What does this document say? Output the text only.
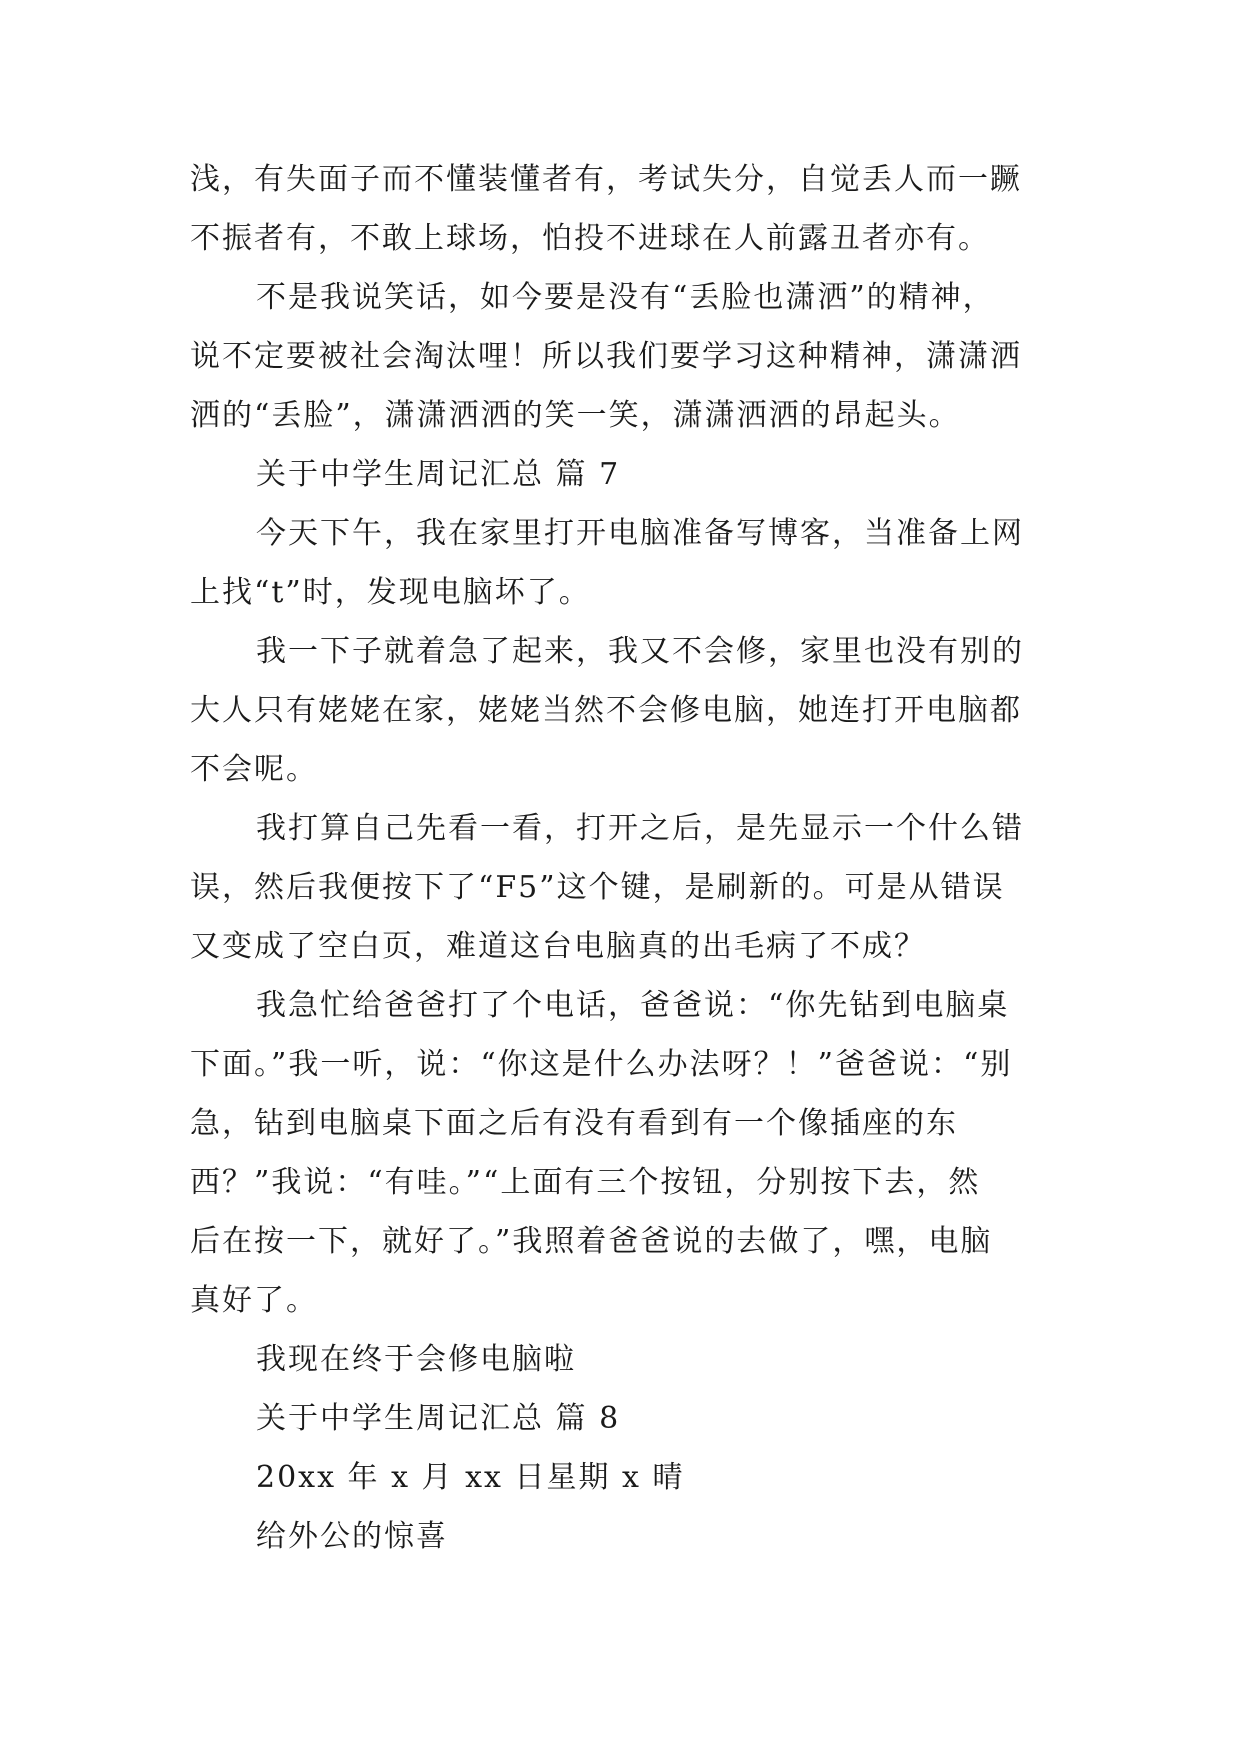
浅，有失面子而不懂装懂者有，考试失分，自觉丢人而一蹶
不振者有，不敢上球场，怕投不进球在人前露丑者亦有。
不是我说笑话，如今要是没有“丢脸也潇洒”的精神，
说不定要被社会淘汰哩！所以我们要学习这种精神，潇潇洒
洒的“丢脸”，潇潇洒洒的笑一笑，潇潇洒洒的昂起头。
关于中学生周记汇总 篇 7
今天下午，我在家里打开电脑准备写博客，当准备上网
上找“t”时，发现电脑坏了。
我一下子就着急了起来，我又不会修，家里也没有别的
大人只有姥姥在家，姥姥当然不会修电脑，她连打开电脑都
不会呢。
我打算自己先看一看，打开之后，是先显示一个什么错
误，然后我便按下了“F5”这个键，是刷新的。可是从错误
又变成了空白页，难道这台电脑真的出毛病了不成？
我急忙给爸爸打了个电话，爸爸说：“你先钻到电脑桌
下面。”我一听，说：“你这是什么办法呀？！”爸爸说：“别
急，钻到电脑桌下面之后有没有看到有一个像插座的东
西？”我说：“有哇。”“上面有三个按钮，分别按下去，然
后在按一下，就好了。”我照着爸爸说的去做了，嘿，电脑
真好了。
我现在终于会修电脑啦
关于中学生周记汇总 篇 8
20xx 年 x 月 xx 日星期 x 晴
给外公的惊喜
